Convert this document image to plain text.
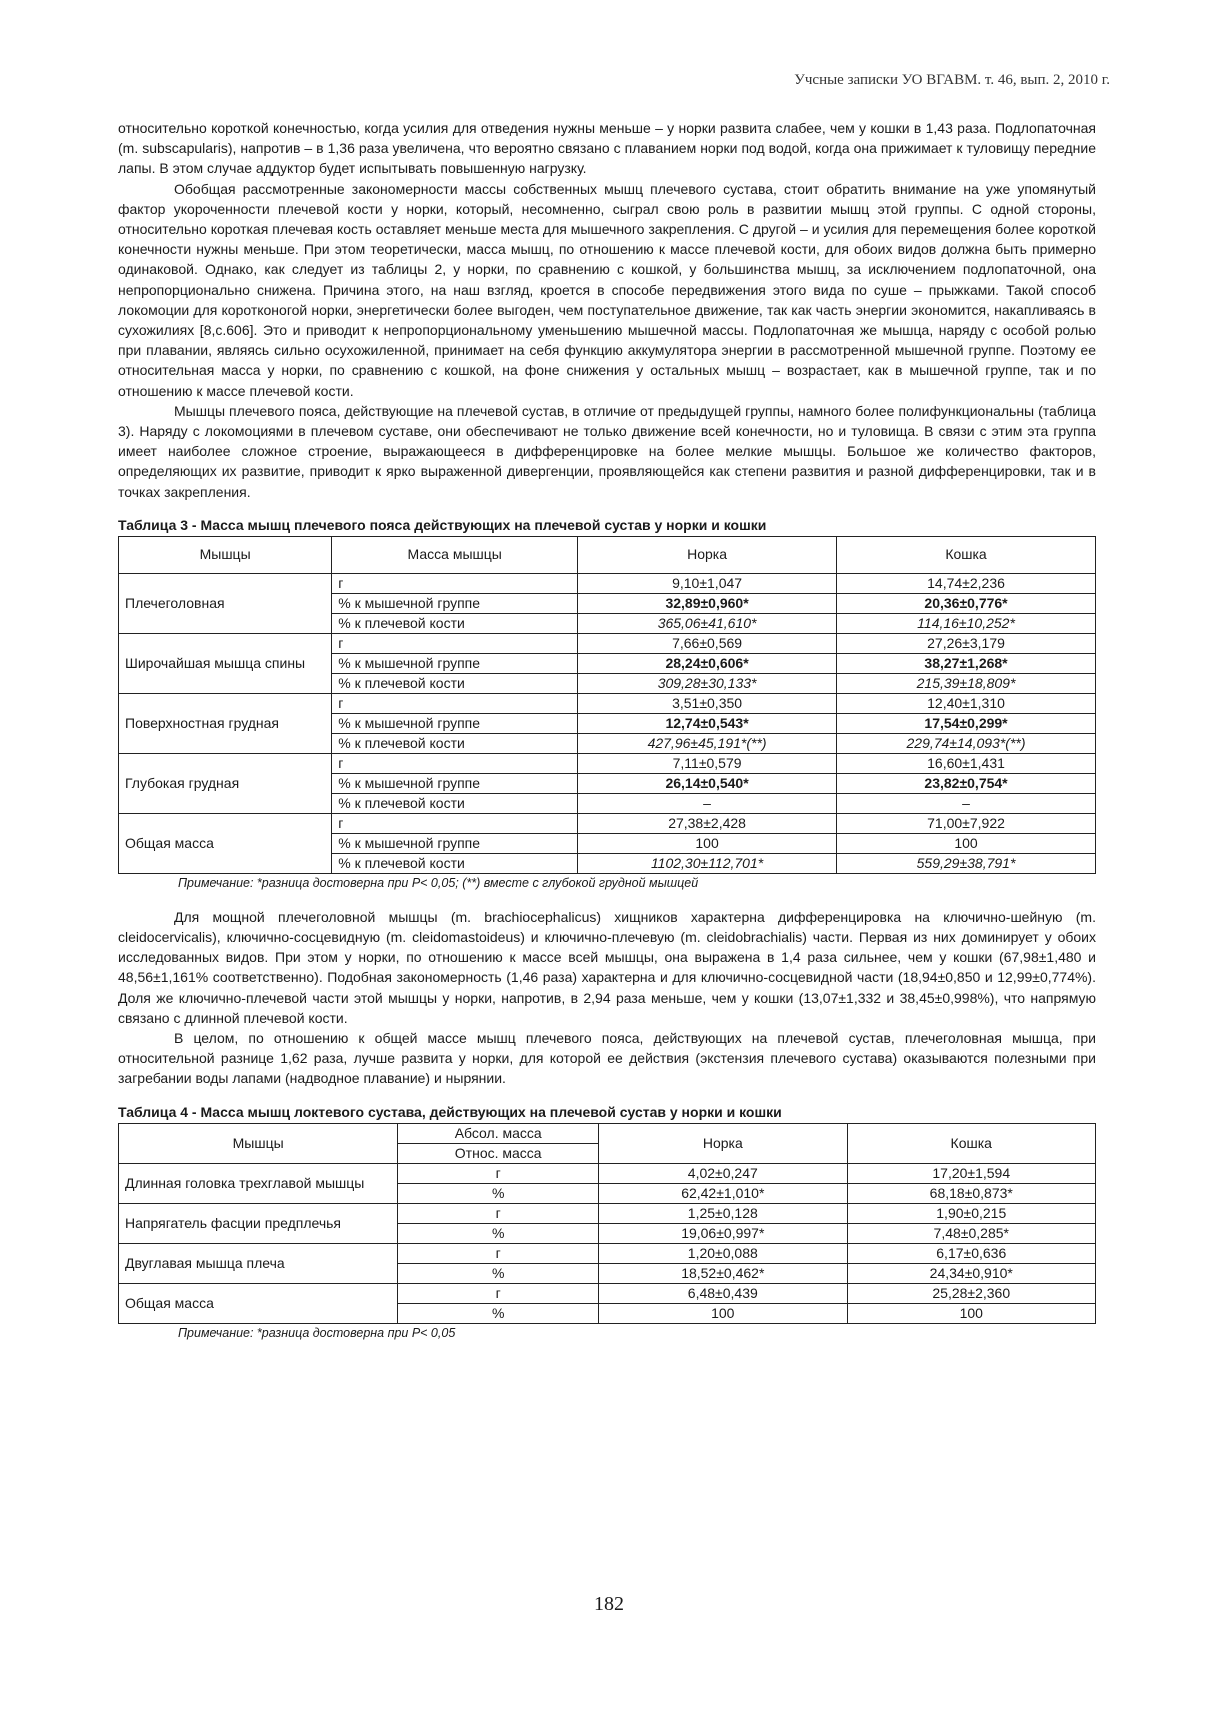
Учсные записки УО ВГАВМ. т. 46, вып. 2, 2010 г.

относительно короткой конечностью, когда усилия для отведения нужны меньше – у норки развита слабее, чем у кошки в 1,43 раза. Подлопаточная (m. subscapularis), напротив – в 1,36 раза увеличена, что вероятно связано с плаванием норки под водой, когда она прижимает к туловищу передние лапы. В этом случае аддуктор будет испытывать повышенную нагрузку.

Обобщая рассмотренные закономерности массы собственных мышц плечевого сустава, стоит обратить внимание на уже упомянутый фактор укороченности плечевой кости у норки, который, несомненно, сыграл свою роль в развитии мышц этой группы. С одной стороны, относительно короткая плечевая кость оставляет меньше места для мышечного закрепления. С другой – и усилия для перемещения более короткой конечности нужны меньше. При этом теоретически, масса мышц, по отношению к массе плечевой кости, для обоих видов должна быть примерно одинаковой. Однако, как следует из таблицы 2, у норки, по сравнению с кошкой, у большинства мышц, за исключением подлопаточной, она непропорционально снижена. Причина этого, на наш взгляд, кроется в способе передвижения этого вида по суше – прыжками. Такой способ локомоции для коротконогой норки, энергетически более выгоден, чем поступательное движение, так как часть энергии экономится, накапливаясь в сухожилиях [8,с.606]. Это и приводит к непропорциональному уменьшению мышечной массы. Подлопаточная же мышца, наряду с особой ролью при плавании, являясь сильно осухожиленной, принимает на себя функцию аккумулятора энергии в рассмотренной мышечной группе. Поэтому ее относительная масса у норки, по сравнению с кошкой, на фоне снижения у остальных мышц – возрастает, как в мышечной группе, так и по отношению к массе плечевой кости.

Мышцы плечевого пояса, действующие на плечевой сустав, в отличие от предыдущей группы, намного более полифункциональны (таблица 3). Наряду с локомоциями в плечевом суставе, они обеспечивают не только движение всей конечности, но и туловища. В связи с этим эта группа имеет наиболее сложное строение, выражающееся в дифференцировке на более мелкие мышцы. Большое же количество факторов, определяющих их развитие, приводит к ярко выраженной дивергенции, проявляющейся как степени развития и разной дифференцировки, так и в точках закрепления.

Таблица 3 - Масса мышц плечевого пояса действующих на плечевой сустав у норки и кошки
Мышцы	Масса мышцы	Норка	Кошка
Плечеголовная	г	9,10±1,047	14,74±2,236
	% к мышечной группе	32,89±0,960*	20,36±0,776*
	% к плечевой кости	365,06±41,610*	114,16±10,252*
Широчайшая мышца спины	г	7,66±0,569	27,26±3,179
	% к мышечной группе	28,24±0,606*	38,27±1,268*
	% к плечевой кости	309,28±30,133*	215,39±18,809*
Поверхностная грудная	г	3,51±0,350	12,40±1,310
	% к мышечной группе	12,74±0,543*	17,54±0,299*
	% к плечевой кости	427,96±45,191*(**)	229,74±14,093*(**)
Глубокая грудная	г	7,11±0,579	16,60±1,431
	% к мышечной группе	26,14±0,540*	23,82±0,754*
	% к плечевой кости	–	–
Общая масса	г	27,38±2,428	71,00±7,922
	% к мышечной группе	100	100
	% к плечевой кости	1102,30±112,701*	559,29±38,791*
Примечание: *разница достоверна при P< 0,05; (**) вместе с глубокой грудной мышцей

Для мощной плечеголовной мышцы (m. brachiocephalicus) хищников характерна дифференцировка на ключично-шейную (m. cleidocervicalis), ключично-сосцевидную (m. cleidomastoideus) и ключично-плечевую (m. cleidobrachialis) части. Первая из них доминирует у обоих исследованных видов. При этом у норки, по отношению к массе всей мышцы, она выражена в 1,4 раза сильнее, чем у кошки (67,98±1,480 и 48,56±1,161% соответственно). Подобная закономерность (1,46 раза) характерна и для ключично-сосцевидной части (18,94±0,850 и 12,99±0,774%). Доля же ключично-плечевой части этой мышцы у норки, напротив, в 2,94 раза меньше, чем у кошки (13,07±1,332 и 38,45±0,998%), что напрямую связано с длинной плечевой кости.

В целом, по отношению к общей массе мышц плечевого пояса, действующих на плечевой сустав, плечеголовная мышца, при относительной разнице 1,62 раза, лучше развита у норки, для которой ее действия (экстензия плечевого сустава) оказываются полезными при загребании воды лапами (надводное плавание) и нырянии.

Таблица 4 - Масса мышц локтевого сустава, действующих на плечевой сустав у норки и кошки
Мышцы	Абсол. масса	Норка	Кошка
	Относ. масса		
Длинная головка трехглавой мышцы	г	4,02±0,247	17,20±1,594
	%	62,42±1,010*	68,18±0,873*
Напрягатель фасции предплечья	г	1,25±0,128	1,90±0,215
	%	19,06±0,997*	7,48±0,285*
Двуглавая мышца плеча	г	1,20±0,088	6,17±0,636
	%	18,52±0,462*	24,34±0,910*
Общая масса	г	6,48±0,439	25,28±2,360
	%	100	100
Примечание: *разница достоверна при P< 0,05
182
